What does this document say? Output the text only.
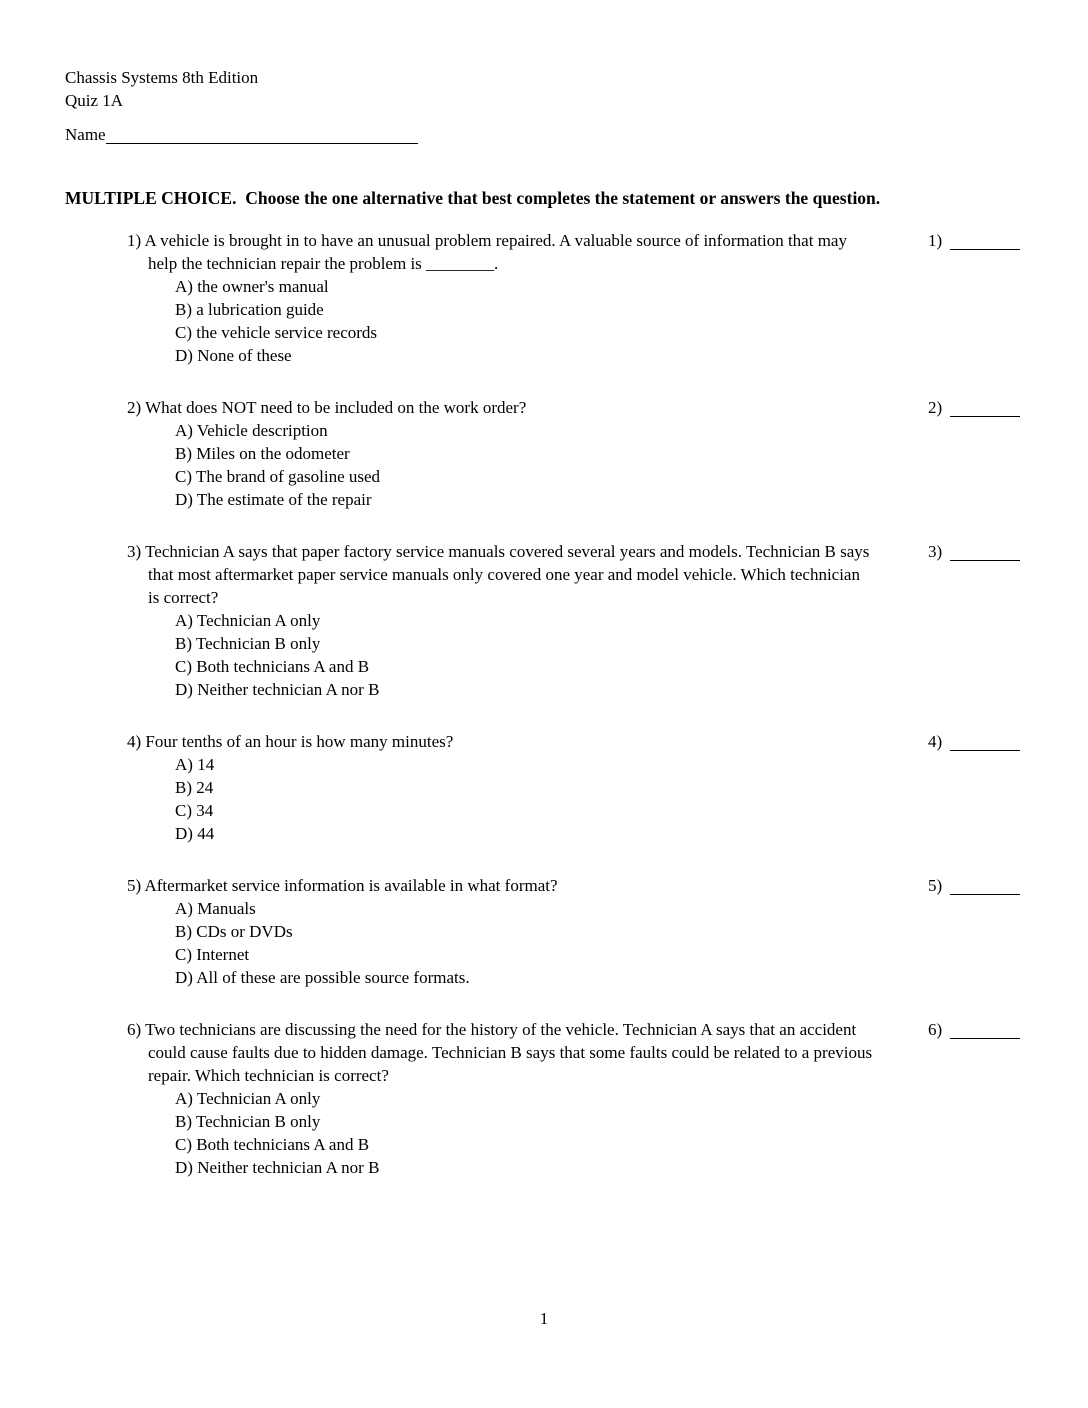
Chassis Systems 8th Edition
Quiz 1A
Name
MULTIPLE CHOICE.  Choose the one alternative that best completes the statement or answers the question.
1) A vehicle is brought in to have an unusual problem repaired. A valuable source of information that may help the technician repair the problem is ________.
A) the owner's manual
B) a lubrication guide
C) the vehicle service records
D) None of these
1)
2) What does NOT need to be included on the work order?
A) Vehicle description
B) Miles on the odometer
C) The brand of gasoline used
D) The estimate of the repair
2)
3) Technician A says that paper factory service manuals covered several years and models. Technician B says that most aftermarket paper service manuals only covered one year and model vehicle. Which technician is correct?
A) Technician A only
B) Technician B only
C) Both technicians A and B
D) Neither technician A nor B
3)
4) Four tenths of an hour is how many minutes?
A) 14
B) 24
C) 34
D) 44
4)
5) Aftermarket service information is available in what format?
A) Manuals
B) CDs or DVDs
C) Internet
D) All of these are possible source formats.
5)
6) Two technicians are discussing the need for the history of the vehicle. Technician A says that an accident could cause faults due to hidden damage. Technician B says that some faults could be related to a previous repair. Which technician is correct?
A) Technician A only
B) Technician B only
C) Both technicians A and B
D) Neither technician A nor B
6)
1
